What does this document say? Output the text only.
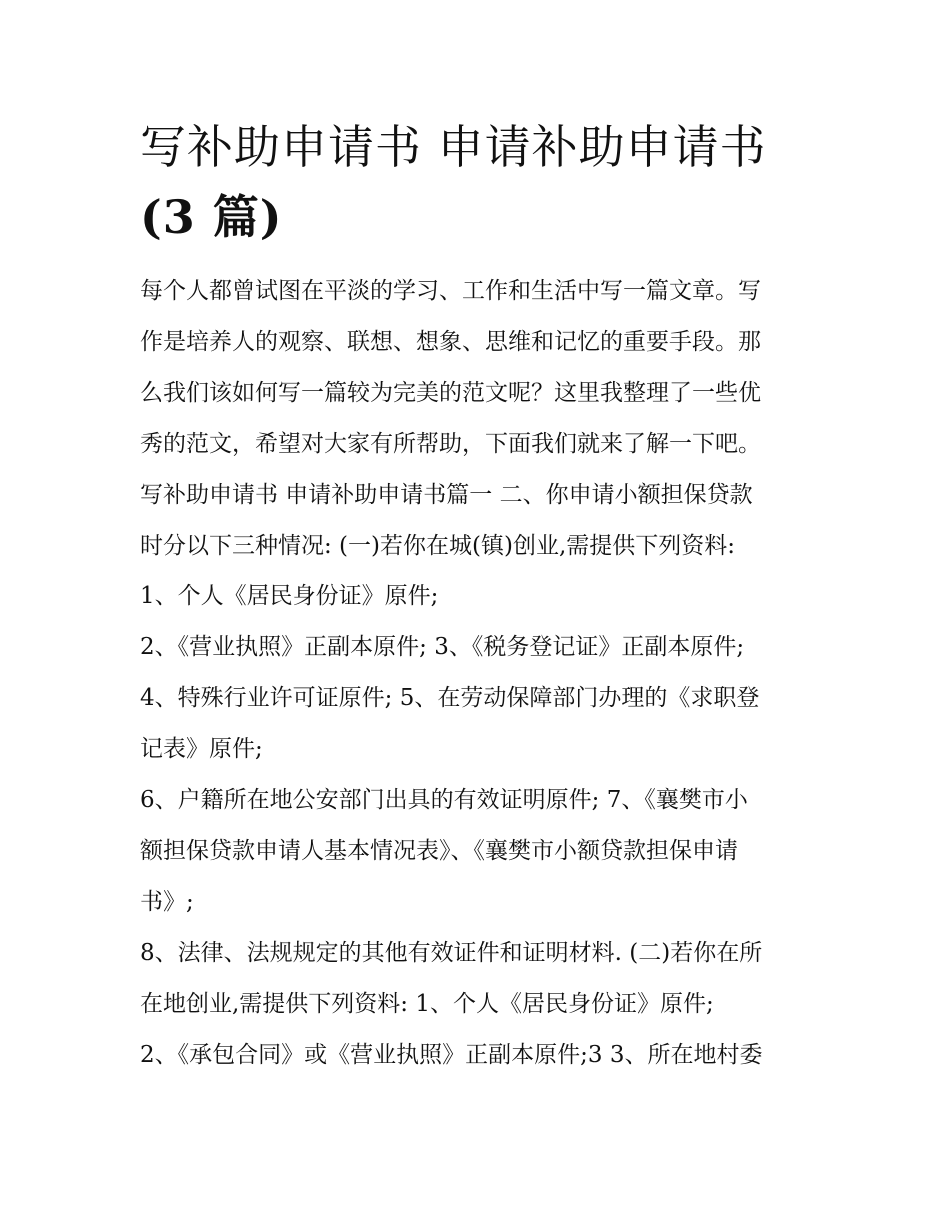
写补助申请书 申请补助申请书
(3 篇)
每个人都曾试图在平淡的学习、工作和生活中写一篇文章。写
作是培养人的观察、联想、想象、思维和记忆的重要手段。那
么我们该如何写一篇较为完美的范文呢？这里我整理了一些优
秀的范文，希望对大家有所帮助，下面我们就来了解一下吧。
写补助申请书 申请补助申请书篇一 二、你申请小额担保贷款
时分以下三种情况: (一)若你在城(镇)创业,需提供下列资料:
1、个人《居民身份证》原件;
2、《营业执照》正副本原件; 3、《税务登记证》正副本原件;
4、特殊行业许可证原件; 5、在劳动保障部门办理的《求职登
记表》原件;
6、户籍所在地公安部门出具的有效证明原件; 7、《襄樊市小
额担保贷款申请人基本情况表》、《襄樊市小额贷款担保申请
书》;
8、法律、法规规定的其他有效证件和证明材料. (二)若你在所
在地创业,需提供下列资料: 1、个人《居民身份证》原件;
2、《承包合同》或《营业执照》正副本原件;3 3、所在地村委
